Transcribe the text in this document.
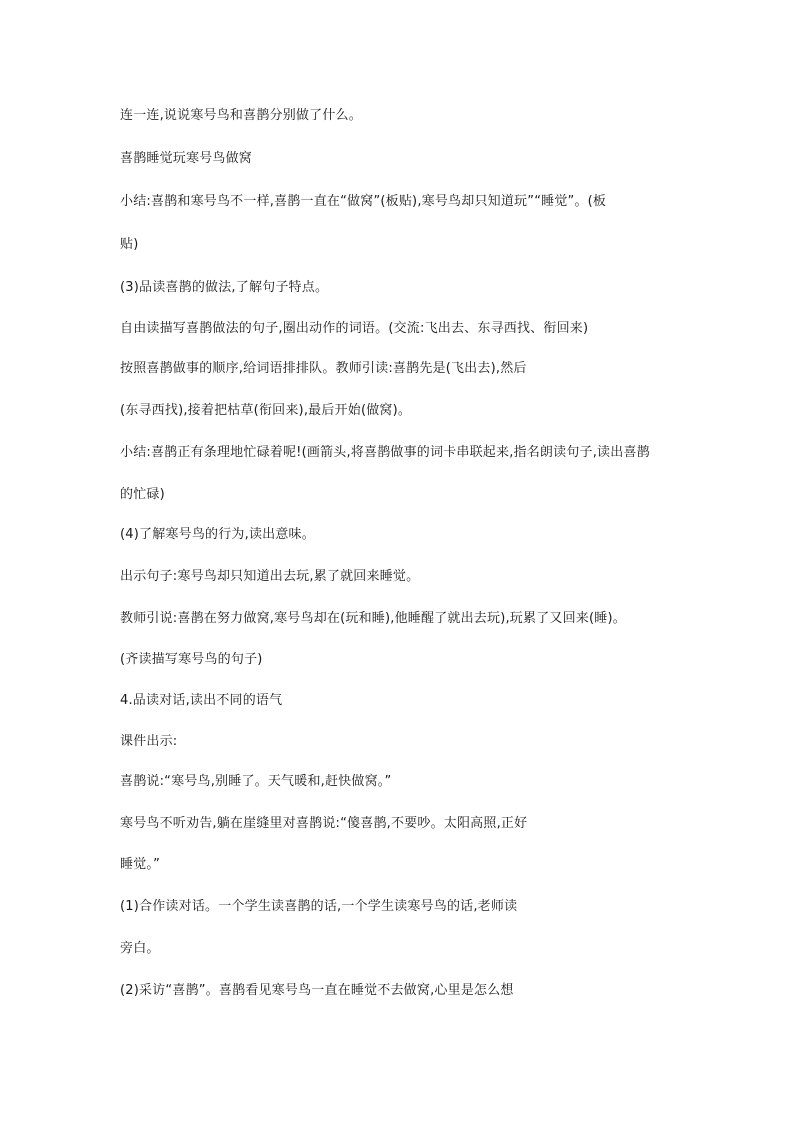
连一连,说说寒号鸟和喜鹊分别做了什么。
喜鹊睡觉玩寒号鸟做窝
小结:喜鹊和寒号鸟不一样,喜鹊一直在“做窝”(板贴),寒号鸟却只知道玩”“睡觉”。(板
贴)
(3)品读喜鹊的做法,了解句子特点。
自由读描写喜鹊做法的句子,圈出动作的词语。(交流:飞出去、东寻西找、衔回来)
按照喜鹊做事的顺序,给词语排排队。教师引读:喜鹊先是(飞出去),然后
(东寻西找),接着把枯草(衔回来),最后开始(做窝)。
小结:喜鹊正有条理地忙碌着呢!(画箭头,将喜鹊做事的词卡串联起来,指名朗读句子,读出喜鹊
的忙碌)
(4)了解寒号鸟的行为,读出意味。
出示句子:寒号鸟却只知道出去玩,累了就回来睡觉。
教师引说:喜鹊在努力做窝,寒号鸟却在(玩和睡),他睡醒了就出去玩),玩累了又回来(睡)。
(齐读描写寒号鸟的句子)
4.品读对话,读出不同的语气
课件出示:
喜鹊说:“寒号鸟,别睡了。天气暖和,赶快做窝。”
寒号鸟不听劝告,躺在崖缝里对喜鹊说:“傻喜鹊,不要吵。太阳高照,正好
睡觉。”
(1)合作读对话。一个学生读喜鹊的话,一个学生读寒号鸟的话,老师读
旁白。
(2)采访“喜鹊”。喜鹊看见寒号鸟一直在睡觉不去做窝,心里是怎么想
